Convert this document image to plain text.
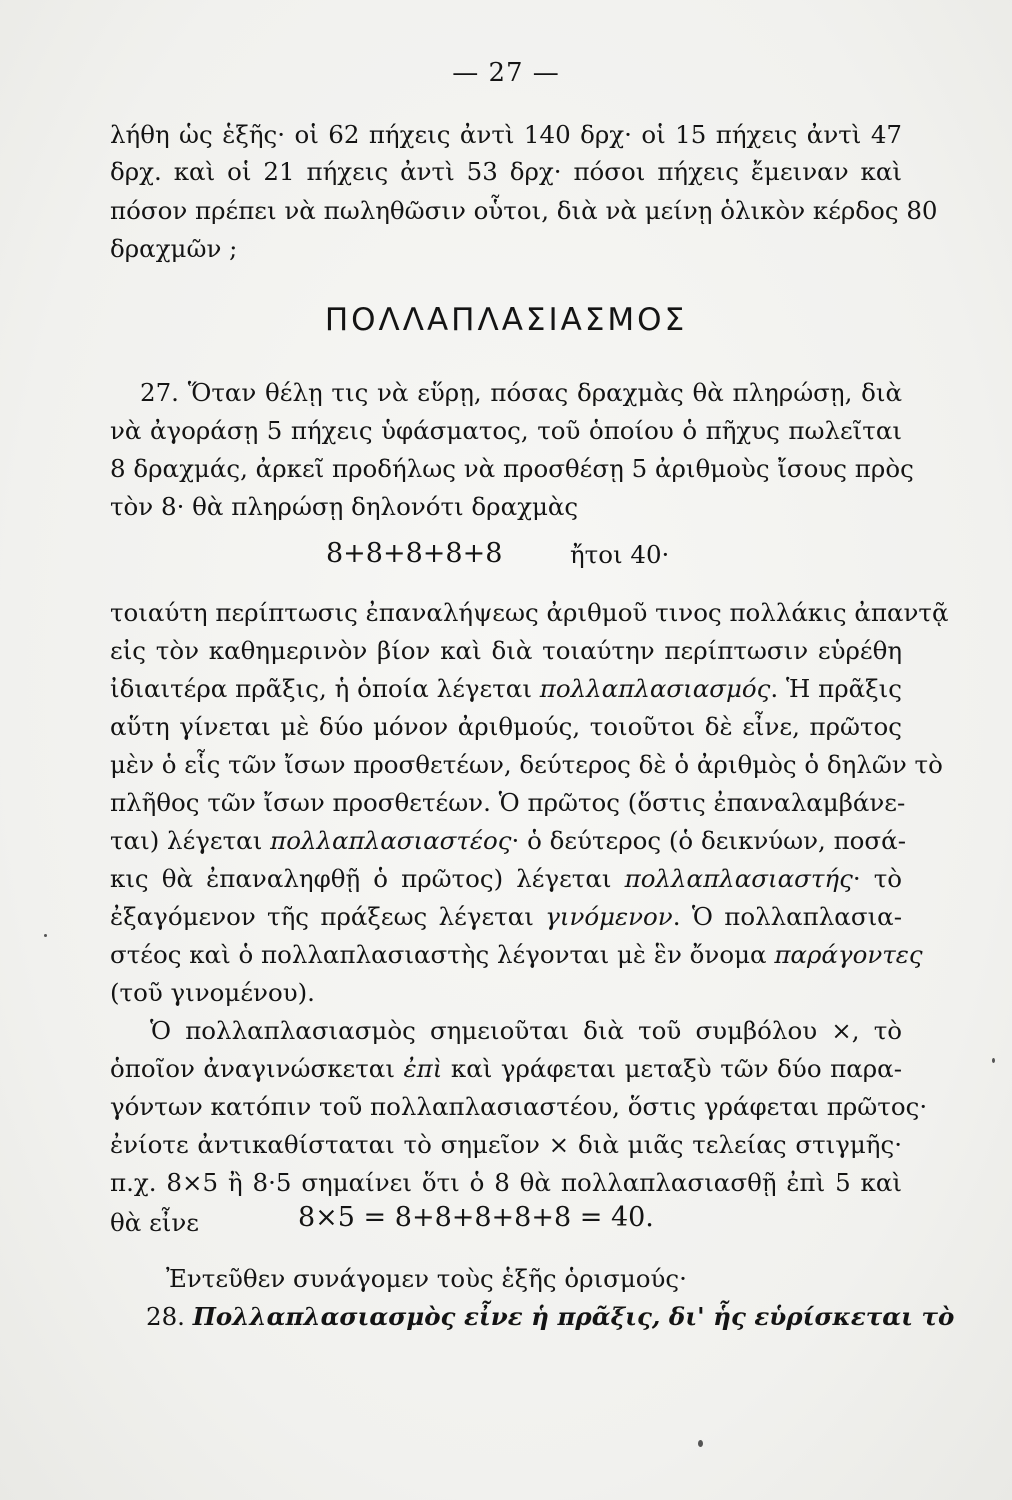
— 27 —
λήθη ὡς ἑξῆς· οἱ 62 πήχεις ἀντὶ 140 δρχ· οἱ 15 πήχεις ἀντὶ 47
δρχ. καὶ οἱ 21 πήχεις ἀντὶ 53 δρχ· πόσοι πήχεις ἔμειναν καὶ
πόσον πρέπει νὰ πωληθῶσιν οὗτοι, διὰ νὰ μείνῃ ὁλικὸν κέρδος 80
δραχμῶν ;
ΠΟΛΛΑΠΛΑΣΙΑΣΜΟΣ
27. Ὅταν θέλῃ τις νὰ εὕρῃ, πόσας δραχμὰς θὰ πληρώσῃ, διὰ
νὰ ἀγοράσῃ 5 πήχεις ὑφάσματος, τοῦ ὁποίου ὁ πῆχυς πωλεῖται
8 δραχμάς, ἀρκεῖ προδήλως νὰ προσθέσῃ 5 ἀριθμοὺς ἴσους πρὸς
τὸν 8· θὰ πληρώσῃ δηλονότι δραχμὰς
8+8+8+8+8	ἤτοι 40·
τοιαύτη περίπτωσις ἐπαναλήψεως ἀριθμοῦ τινος πολλάκις ἀπαντᾷ
εἰς τὸν καθημερινὸν βίον καὶ διὰ τοιαύτην περίπτωσιν εὑρέθη
ἰδιαιτέρα πρᾶξις, ἡ ὁποία λέγεται πολλαπλασιασμός. Ἡ πρᾶξις
αὕτη γίνεται μὲ δύο μόνον ἀριθμούς, τοιοῦτοι δὲ εἶνε, πρῶτος
μὲν ὁ εἷς τῶν ἴσων προσθετέων, δεύτερος δὲ ὁ ἀριθμὸς ὁ δηλῶν τὸ
πλῆθος τῶν ἴσων προσθετέων. Ὁ πρῶτος (ὅστις ἐπαναλαμβάνε-
ται) λέγεται πολλαπλασιαστέος· ὁ δεύτερος (ὁ δεικνύων, ποσά-
κις θὰ ἐπαναληφθῇ ὁ πρῶτος) λέγεται πολλαπλασιαστής· τὸ
ἐξαγόμενον τῆς πράξεως λέγεται γινόμενον. Ὁ πολλαπλασια-
στέος καὶ ὁ πολλαπλασιαστὴς λέγονται μὲ ἓν ὄνομα παράγοντες
(τοῦ γινομένου).
Ὁ πολλαπλασιασμὸς σημειοῦται διὰ τοῦ συμβόλου ×, τὸ
ὁποῖον ἀναγινώσκεται ἐπὶ καὶ γράφεται μεταξὺ τῶν δύο παρα-
γόντων κατόπιν τοῦ πολλαπλασιαστέου, ὅστις γράφεται πρῶτος·
ἐνίοτε ἀντικαθίσταται τὸ σημεῖον × διὰ μιᾶς τελείας στιγμῆς·
π.χ. 8×5 ἢ 8·5 σημαίνει ὅτι ὁ 8 θὰ πολλαπλασιασθῇ ἐπὶ 5 καὶ
θὰ εἶνε	8×5 = 8+8+8+8+8 = 40.
Ἐντεῦθεν συνάγομεν τοὺς ἑξῆς ὁρισμούς·
28. Πολλαπλασιασμὸς εἶνε ἡ πρᾶξις, δι' ἧς εὑρίσκεται τὸ
